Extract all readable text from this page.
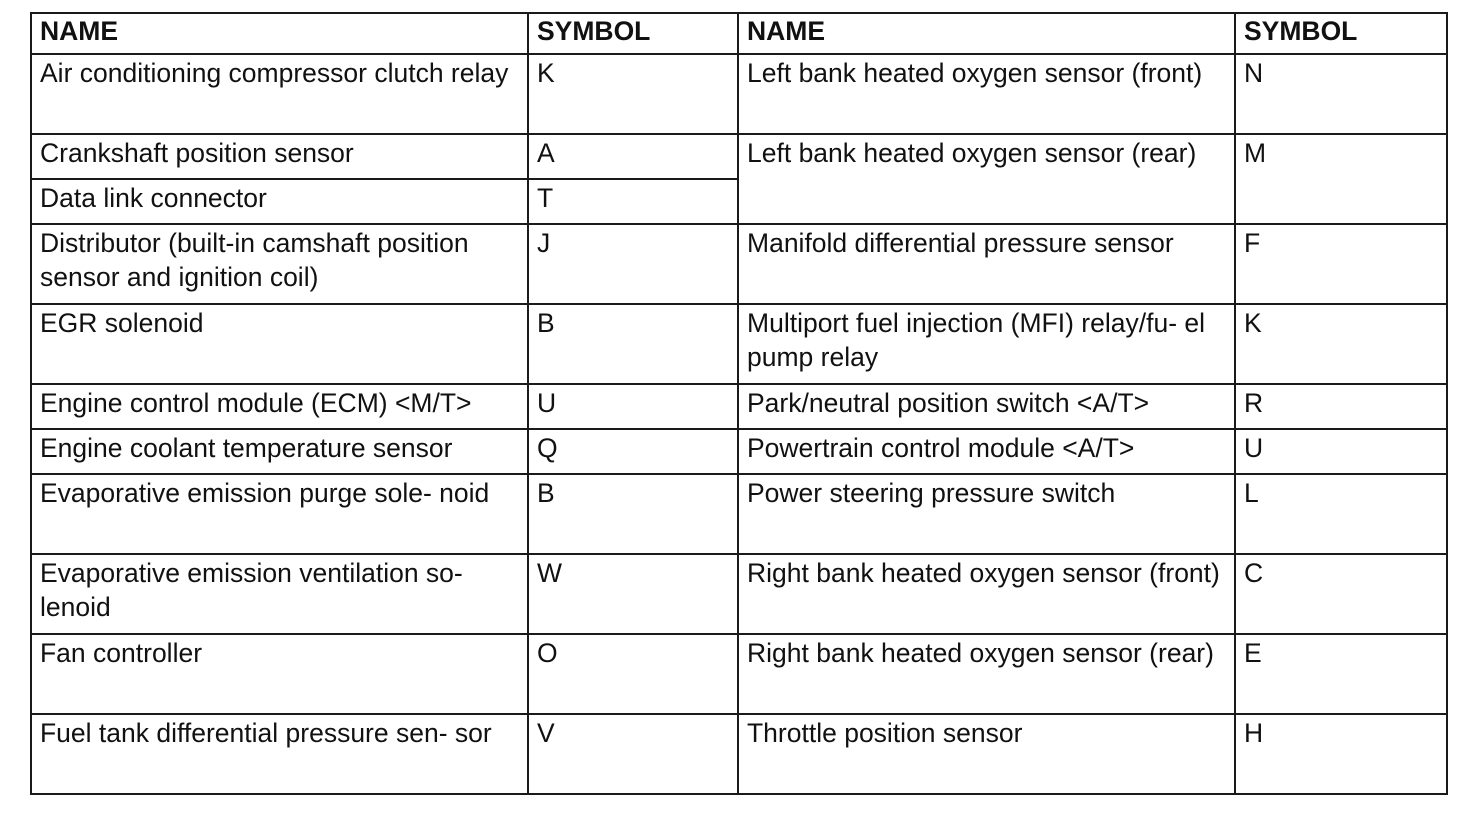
NAME	SYMBOL	NAME	SYMBOL
Air conditioning compressor clutch relay	K	Left bank heated oxygen sensor (front)	N
Crankshaft position sensor	A	Left bank heated oxygen sensor (rear)	M
Data link connector	T		
Distributor (built-in camshaft position sensor and ignition coil)	J	Manifold differential pressure sensor	F
EGR solenoid	B	Multiport fuel injection (MFI) relay/fu- el pump relay	K
Engine control module (ECM) <M/T>	U	Park/neutral position switch <A/T>	R
Engine coolant temperature sensor	Q	Powertrain control module <A/T>	U
Evaporative emission purge sole- noid	B	Power steering pressure switch	L
Evaporative emission ventilation so- lenoid	W	Right bank heated oxygen sensor (front)	C
Fan controller	O	Right bank heated oxygen sensor (rear)	E
Fuel tank differential pressure sen- sor	V	Throttle position sensor	H
